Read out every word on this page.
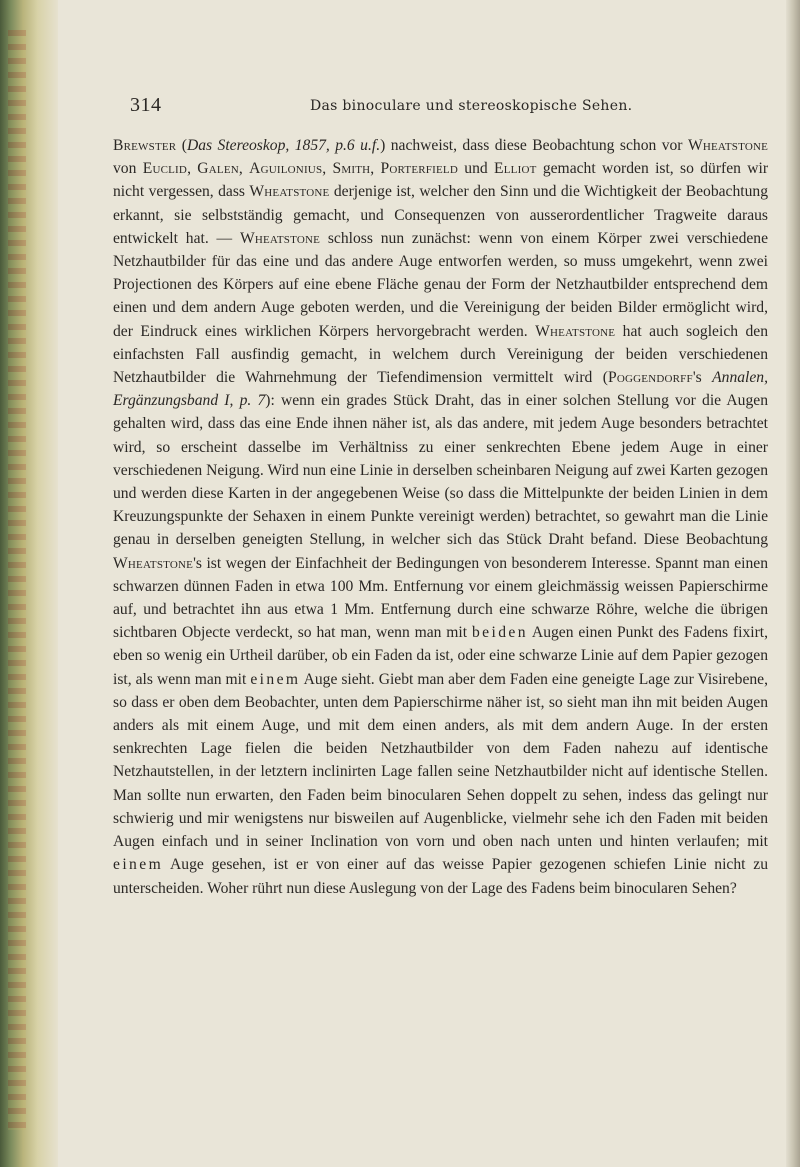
314	Das binoculare und stereoskopische Sehen.
Brewster (Das Stereoskop, 1857, p.6 u.f.) nachweist, dass diese Beobachtung schon vor Wheatstone von Euclid, Galen, Aguilonius, Smith, Porterfield und Elliot gemacht worden ist, so dürfen wir nicht vergessen, dass Wheatstone derjenige ist, welcher den Sinn und die Wichtigkeit der Beobachtung erkannt, sie selbstständig gemacht, und Consequenzen von ausserordentlicher Tragweite daraus entwickelt hat. — Wheatstone schloss nun zunächst: wenn von einem Körper zwei verschiedene Netzhautbilder für das eine und das andere Auge entworfen werden, so muss umgekehrt, wenn zwei Projectionen des Körpers auf eine ebene Fläche genau der Form der Netzhautbilder entsprechend dem einen und dem andern Auge geboten werden, und die Vereinigung der beiden Bilder ermöglicht wird, der Eindruck eines wirklichen Körpers hervorgebracht werden. Wheatstone hat auch sogleich den einfachsten Fall ausfindig gemacht, in welchem durch Vereinigung der beiden verschiedenen Netzhautbilder die Wahrnehmung der Tiefendimension vermittelt wird (Poggendorff's Annalen, Ergänzungsband I, p. 7): wenn ein grades Stück Draht, das in einer solchen Stellung vor die Augen gehalten wird, dass das eine Ende ihnen näher ist, als das andere, mit jedem Auge besonders betrachtet wird, so erscheint dasselbe im Verhältniss zu einer senkrechten Ebene jedem Auge in einer verschiedenen Neigung. Wird nun eine Linie in derselben scheinbaren Neigung auf zwei Karten gezogen und werden diese Karten in der angegebenen Weise (so dass die Mittelpunkte der beiden Linien in dem Kreuzungspunkte der Sehaxen in einem Punkte vereinigt werden) betrachtet, so gewahrt man die Linie genau in derselben geneigten Stellung, in welcher sich das Stück Draht befand. Diese Beobachtung Wheatstone's ist wegen der Einfachheit der Bedingungen von besonderem Interesse. Spannt man einen schwarzen dünnen Faden in etwa 100 Mm. Entfernung vor einem gleichmässig weissen Papierschirme auf, und betrachtet ihn aus etwa 1 Mm. Entfernung durch eine schwarze Röhre, welche die übrigen sichtbaren Objecte verdeckt, so hat man, wenn man mit beiden Augen einen Punkt des Fadens fixirt, eben so wenig ein Urtheil darüber, ob ein Faden da ist, oder eine schwarze Linie auf dem Papier gezogen ist, als wenn man mit einem Auge sieht. Giebt man aber dem Faden eine geneigte Lage zur Visirebene, so dass er oben dem Beobachter, unten dem Papierschirme näher ist, so sieht man ihn mit beiden Augen anders als mit einem Auge, und mit dem einen anders, als mit dem andern Auge. In der ersten senkrechten Lage fielen die beiden Netzhautbilder von dem Faden nahezu auf identische Netzhautstellen, in der letztern inclinirten Lage fallen seine Netzhautbilder nicht auf identische Stellen. Man sollte nun erwarten, den Faden beim binocularen Sehen doppelt zu sehen, indess das gelingt nur schwierig und mir wenigstens nur bisweilen auf Augenblicke, vielmehr sehe ich den Faden mit beiden Augen einfach und in seiner Inclination von vorn und oben nach unten und hinten verlaufen; mit einem Auge gesehen, ist er von einer auf das weisse Papier gezogenen schiefen Linie nicht zu unterscheiden. Woher rührt nun diese Auslegung von der Lage des Fadens beim binocularen Sehen?
